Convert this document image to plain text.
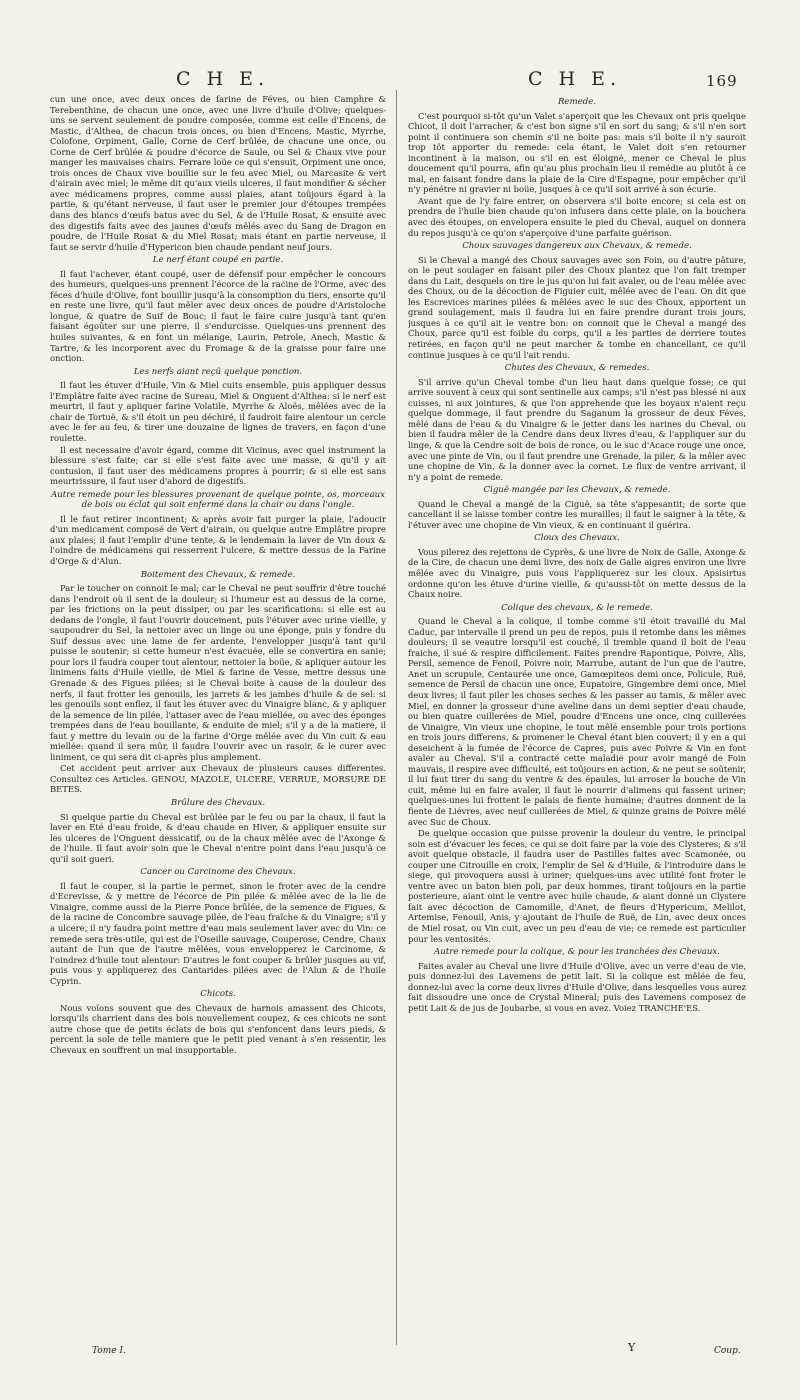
C H E.	C H E.	169

cun une once, avec deux onces de farine de Féves, ou bien Camphre & Terebenthine, de chacun une once, avec une livre d'huile d'Olive; quelques-uns se servent seulement de poudre composée, comme est celle d'Encens, de Mastic, d'Althea, de chacun trois onces, ou bien d'Encens, Mastic, Myrrhe, Colofone, Orpiment, Galle, Corne de Cerf brûlée, de chacune une once, ou Corne de Cerf brûlée & poudre d'écorce de Saule, ou Sel & Chaux vive pour manger les mauvaises chairs. Ferrare loüe ce qui s'ensuit, Orpiment une once, trois onces de Chaux vive bouillie sur le feu avec Miel, ou Marcasite & vert d'airain avec miel; le même dit qu'aux vieils ulceres, il faut mondifier & sécher avec médicamens propres, comme aussi plaies, atant toûjours égard à la partie, & qu'étant nerveuse, il faut user le premier jour d'étoupes trempées dans des blancs d'œufs batus avec du Sel, & de l'Huile Rosat, & ensuite avec des digestifs faits avec des jaunes d'œufs mêlés avec du Sang de Dragon en poudre, de l'Huile Rosat & du Miel Rosat; mais étant en partie nerveuse, il faut se servir d'huile d'Hypericon bien chaude pendant neuf jours.

Le nerf étant coupé en partie.

Il faut l'achever, étant coupé, user de défensif pour empêcher le concours des humeurs, quelques-uns prennent l'écorce de la racine de l'Orme, avec des féces d'huile d'Olive, font bouillir jusqu'à la consomption du tiers, ensorte qu'il en reste une livre, qu'il faut mêler avec deux onces de poudre d'Aristoloche longue, & quatre de Suif de Bouc; il faut le faire cuire jusqu'à tant qu'en faisant égoûter sur une pierre, il s'endurcisse. Quelques-uns prennent des huiles suivantes, & en font un mélange, Laurin, Petrole, Anech, Mastic & Tartre, & les incorporent avec du Fromage & de la graisse pour faire une onction.

Les nerfs aiant reçû quelque ponction.

Il faut les étuver d'Huile, Vin & Miel cuits ensemble, puis appliquer dessus l'Emplâtre faite avec racine de Sureau, Miel & Onguent d'Althea: si le nerf est meurtri, il faut y apliquer farine Volatile, Myrrhe & Aloës, mêlées avec de la chair de Tortuë, & s'il étoit un peu déchiré, il faudroit faire alentour un cercle avec le fer au feu, & tirer une douzaine de lignes de travers, en façon d'une roulette.

Il est necessaire d'avoir égard, comme dit Vicinus, avec quel instrument la blessure s'est faite; car si elle s'est faite avec une masse, & qu'il y ait contusion, il faut user des médicamens propres à pourrir; & si elle est sans meurtrissure, il faut user d'abord de digestifs.

Autre remede pour les blessures provenant de quelque pointe, os, morceaux de bois ou éclat qui soit enfermé dans la chair ou dans l'ongle.

Il le faut retirer incontinent; & après avoir fait purger la plaie, l'adoucir d'un medicament composé de Vert d'airain, ou quelque autre Emplâtre propre aux plaies; il faut l'emplir d'une tente, & le lendemain la laver de Vin doux & l'oindre de médicamens qui resserrent l'ulcere, & mettre dessus de la Farine d'Orge & d'Alun.

Boitement des Chevaux, & remede.

Par le toucher on connoit le mal; car le Cheval ne peut souffrir d'être touché dans l'endroit où il sent de la douleur; si l'humeur est au dessus de la corne, par les frictions on la peut dissiper, ou par les scarifications: si elle est au dedans de l'ongle, il faut l'ouvrir doucement, puis l'étuver avec urine vieille, y saupoudrer du Sel, la nettoier avec un linge ou une éponge, puis y fondre du Suif dessus avec une lame de fer ardente, l'envelopper jusqu'à tant qu'il puisse le soutenir; si cette humeur n'est évacuée, elle se convertira en sanie; pour lors il faudra couper tout alentour, nettoier la boüe, & apliquer autour les linimens faits d'Huile vieille, de Miel & farine de Vesse, mettre dessus une Grenade & des Figues pilées; si le Cheval boite à cause de la douleur des nerfs, il faut frotter les genouils, les jarrets & les jambes d'huile & de sel: si les genouils sont enflez, il faut les étuver avec du Vinaigre blanc, & y apliquer de la semence de lin pilée, l'attaser avec de l'eau miellée, ou avec des éponges trempées dans de l'eau bouillante, & enduite de miel; s'il y a de la matiere, il faut y mettre du levain ou de la farine d'Orge mêlée avec du Vin cuit & eau miellée: quand il sera mûr, il faudra l'ouvrir avec un rasoir, & le curer avec liniment, ce qui sera dit ci-après plus amplement.

Cet accident peut arriver aux Chevaux de plusieurs causes differentes. Consultez ces Articles. GENOU, MAZOLE, ULCERE, VERRUE, MORSURE DE BETES.

Brûlure des Chevaux.

Si quelque partie du Cheval est brûlée par le feu ou par la chaux, il faut la laver en Eté d'eau froide, & d'eau chaude en Hiver, & appliquer ensuite sur les ulceres de l'Onguent dessicatif, ou de la chaux mêlée avec de l'Axonge & de l'huile. Il faut avoir soin que le Cheval n'entre point dans l'eau jusqu'à ce qu'il soit gueri.

Cancer ou Carcinome des Chevaux.

Il faut le couper, si la partie le permet, sinon le froter avec de la cendre d'Ecrevisse, & y mettre de l'écorce de Pin pilée & mêlée avec de la lie de Vinaigre, comme aussi de la Pierre Ponce brûlée, de la semence de Figues, & de la racine de Concombre sauvage pilée, de l'eau fraîche & du Vinaigre; s'il y a ulcere, il n'y faudra point mettre d'eau mais seulement laver avec du Vin: ce remede sera très-utile, qui est de l'Oseille sauvage, Couperose, Cendre, Chaux autant de l'un que de l'autre mêlées, vous envelopperez le Carcinome, & l'oindrez d'huile tout alentour: D'autres le font couper & brûler jusques au vif, puis vous y appliquerez des Cantarides pilées avec de l'Alun & de l'huile Cyprin.

Chicots.

Nous voïons souvent que des Chevaux de harnois amassent des Chicots, lorsqu'ils charrient dans des bois nouvellement coupez, & ces chicots ne sont autre chose que de petits éclats de bois qui s'enfoncent dans leurs pieds, & percent la sole de telle maniere que le petit pied venant à s'en ressentir, les Chevaux en souffrent un mal insupportable.

Remede.

C'est pourquoi si-tôt qu'un Valet s'aperçoit que les Chevaux ont pris quelque Chicot, il doit l'arracher, & c'est bon signe s'il en sort du sang; & s'il n'en sort point il continuera son chemin s'il ne boite pas: mais s'il boite il n'y sauroit trop tôt apporter du remede: cela étant, le Valet doit s'en retourner incontinent à la maison, ou s'il en est éloigné, mener ce Cheval le plus doucement qu'il pourra, afin qu'au plus prochain lieu il remédie au plutôt à ce mal, en faisant fondre dans la plaie de la Cire d'Espagne, pour empêcher qu'il n'y pénétre ni gravier ni boüe, jusques à ce qu'il soit arrivé à son écurie.

Avant que de l'y faire entrer, on observera s'il boite encore; si cela est on prendra de l'huile bien chaude qu'on infusera dans cette plaie, on la bouchera avec des étoupes, on envelopera ensuite le pied du Cheval, auquel on donnera du repos jusqu'à ce qu'on s'aperçoive d'une parfaite guérison.

Choux sauvages dangereux aux Chevaux, & remede.

Si le Cheval a mangé des Choux sauvages avec son Foin, ou d'autre pâture, on le peut soulager en faisant piler des Choux plantez que l'on fait tremper dans du Lait, desquels on tire le jus qu'on lui fait avaler, ou de l'eau mêlée avec des Choux, ou de la décoction de Figuier cuit, mêlée avec de l'eau. On dit que les Escrevices marines pilées & mêlées avec le suc des Choux, apportent un grand soulagement, mais il faudra lui en faire prendre durant trois jours, jusques à ce qu'il ait le ventre bon: on connoit que le Cheval a mangé des Choux, parce qu'il est foible du corps, qu'il a les parties de derriere toutes retirées, en façon qu'il ne peut marcher & tombe en chancellant, ce qu'il continue jusques à ce qu'il l'ait rendu.

Chutes des Chevaux, & remedes.

S'il arrive qu'un Cheval tombe d'un lieu haut dans quelque fosse; ce qui arrive souvent à ceux qui sont sentinelle aux camps; s'il n'est pas blessé ni aux cuisses, ni aux jointures, & que l'on apprehende que les boyaux n'aient reçu quelque dommage, il faut prendre du Saganum la grosseur de deux Féves, mêlé dans de l'eau & du Vinaigre & le jetter dans les narines du Cheval, ou bien il faudra mêler de la Cendre dans deux livres d'eau, & l'appliquer sur du linge, & que la Cendre soit de bois de ronce, ou le suc d'Acace rouge une once, avec une pinte de Vin, ou il faut prendre une Grenade, la piler, & la mêler avec une chopine de Vin, & la donner avec la cornet. Le flux de ventre arrivant, il n'y a point de remede.

Ciguë mangée par les Chevaux, & remede.

Quand le Cheval a mangé de la Ciguë, sa tête s'appesantit; de sorte que cancellant il se laisse tomber contre les murailles; il faut le saigner à la tête, & l'étuver avec une chopine de Vin vieux, & en continuant il guérira.

Cloux des Chevaux.

Vous pilerez des rejettons de Cyprès, & une livre de Noix de Galle, Axonge & de la Cire, de chacun une demi livre, des noix de Galle aigres environ une livre mêlée avec du Vinaigre, puis vous l'appliquerez sur les cloux. Apsisirtus ordonne qu'on les étuve d'urine vieille, & qu'aussi-tôt on mette dessus de la Chaux noire.

Colique des chevaux, & le remede.

Quand le Cheval a la colique, il tombe comme s'il étoit travaillé du Mal Caduc, par intervalle il prend un peu de repos, puis il retombe dans les mêmes douleurs; il se veautre lorsqu'il est couché, il tremble quand il boit de l'eau fraiche, il sué & respire difficilement. Faites prendre Rapontique, Poivre, Alis, Persil, semence de Fenoil, Poivre noir, Marrube, autant de l'un que de l'autre, Anet un scrupule, Centaurée une once, Gamœpiteos demi once, Policule, Ruë, semence de Persil de chacun une once, Eupatoire, Gingembre demi once, Miel deux livres; il faut piler les choses seches & les passer au tamis, & mêler avec Miel, en donner la grosseur d'une aveline dans un demi septier d'eau chaude, ou bien quatre cuillerées de Miel, poudre d'Encens une once, cinq cuillerées de Vinaigre, Vin vieux une chopine, le tout mêlé ensemble pour trois portions en trois jours differens, & promener le Cheval étant bien couvert; il y en a qui deseichent à la fumée de l'écorce de Capres, puis avec Poivre & Vin en font avaler au Cheval. S'il a contracté cette maladie pour avoir mangé de Foin mauvais, il respire avec difficulté, est toûjours en action, & ne peut se soûtenir, il lui faut tirer du sang du ventre & des épaules, lui arroser la bouche de Vin cuit, même lui en faire avaler, il faut le nourrir d'alimens qui fassent uriner; quelques-unes lui frottent le palais de fiente humaine; d'autres donnent de la fiente de Liévres, avec neuf cuillerées de Miel, & quinze grains de Poivre mêlé avec Suc de Choux.

De quelque occasion que puisse provenir la douleur du ventre, le principal soin est d'évacuer les feces, ce qui se doit faire par la voie des Clysteres; & s'il avoit quelque obstacle, il faudra user de Pastilles faites avec Scamonée, ou couper une Citrouille en croix, l'emplir de Sel & d'Huile, & l'introduire dans le siege, qui provoquera aussi à uriner; quelques-uns avec utilité font froter le ventre avec un baton bien poli, par deux hommes, tirant toûjours en la partie posterieure, aiant oint le ventre avec huile chaude, & aiant donné un Clystere fait avec décoction de Camomille, d'Anet, de fleurs d'Hypericum, Melilot, Artemise, Fenouil, Anis, y ajoutant de l'huile de Ruë, de Lin, avec deux onces de Miel rosat, ou Vin cuit, avec un peu d'eau de vie; ce remede est particulier pour les ventosités.

Autre remede pour la colique, & pour les tranchées des Chevaux.

Faites avaler au Cheval une livre d'Huile d'Olive, avec un verre d'eau de vie, puis donnez-lui des Lavemens de petit lait. Si la colique est mêlée de feu, donnez-lui avec la corne deux livres d'Huile d'Olive, dans lesquelles vous aurez fait dissoudre une once de Crystal Mineral; puis des Lavemens composez de petit Lait & de jus de Joubarbe, si vous en avez. Voiez TRANCHE'ES.

Tome I.	Y	Coup.
